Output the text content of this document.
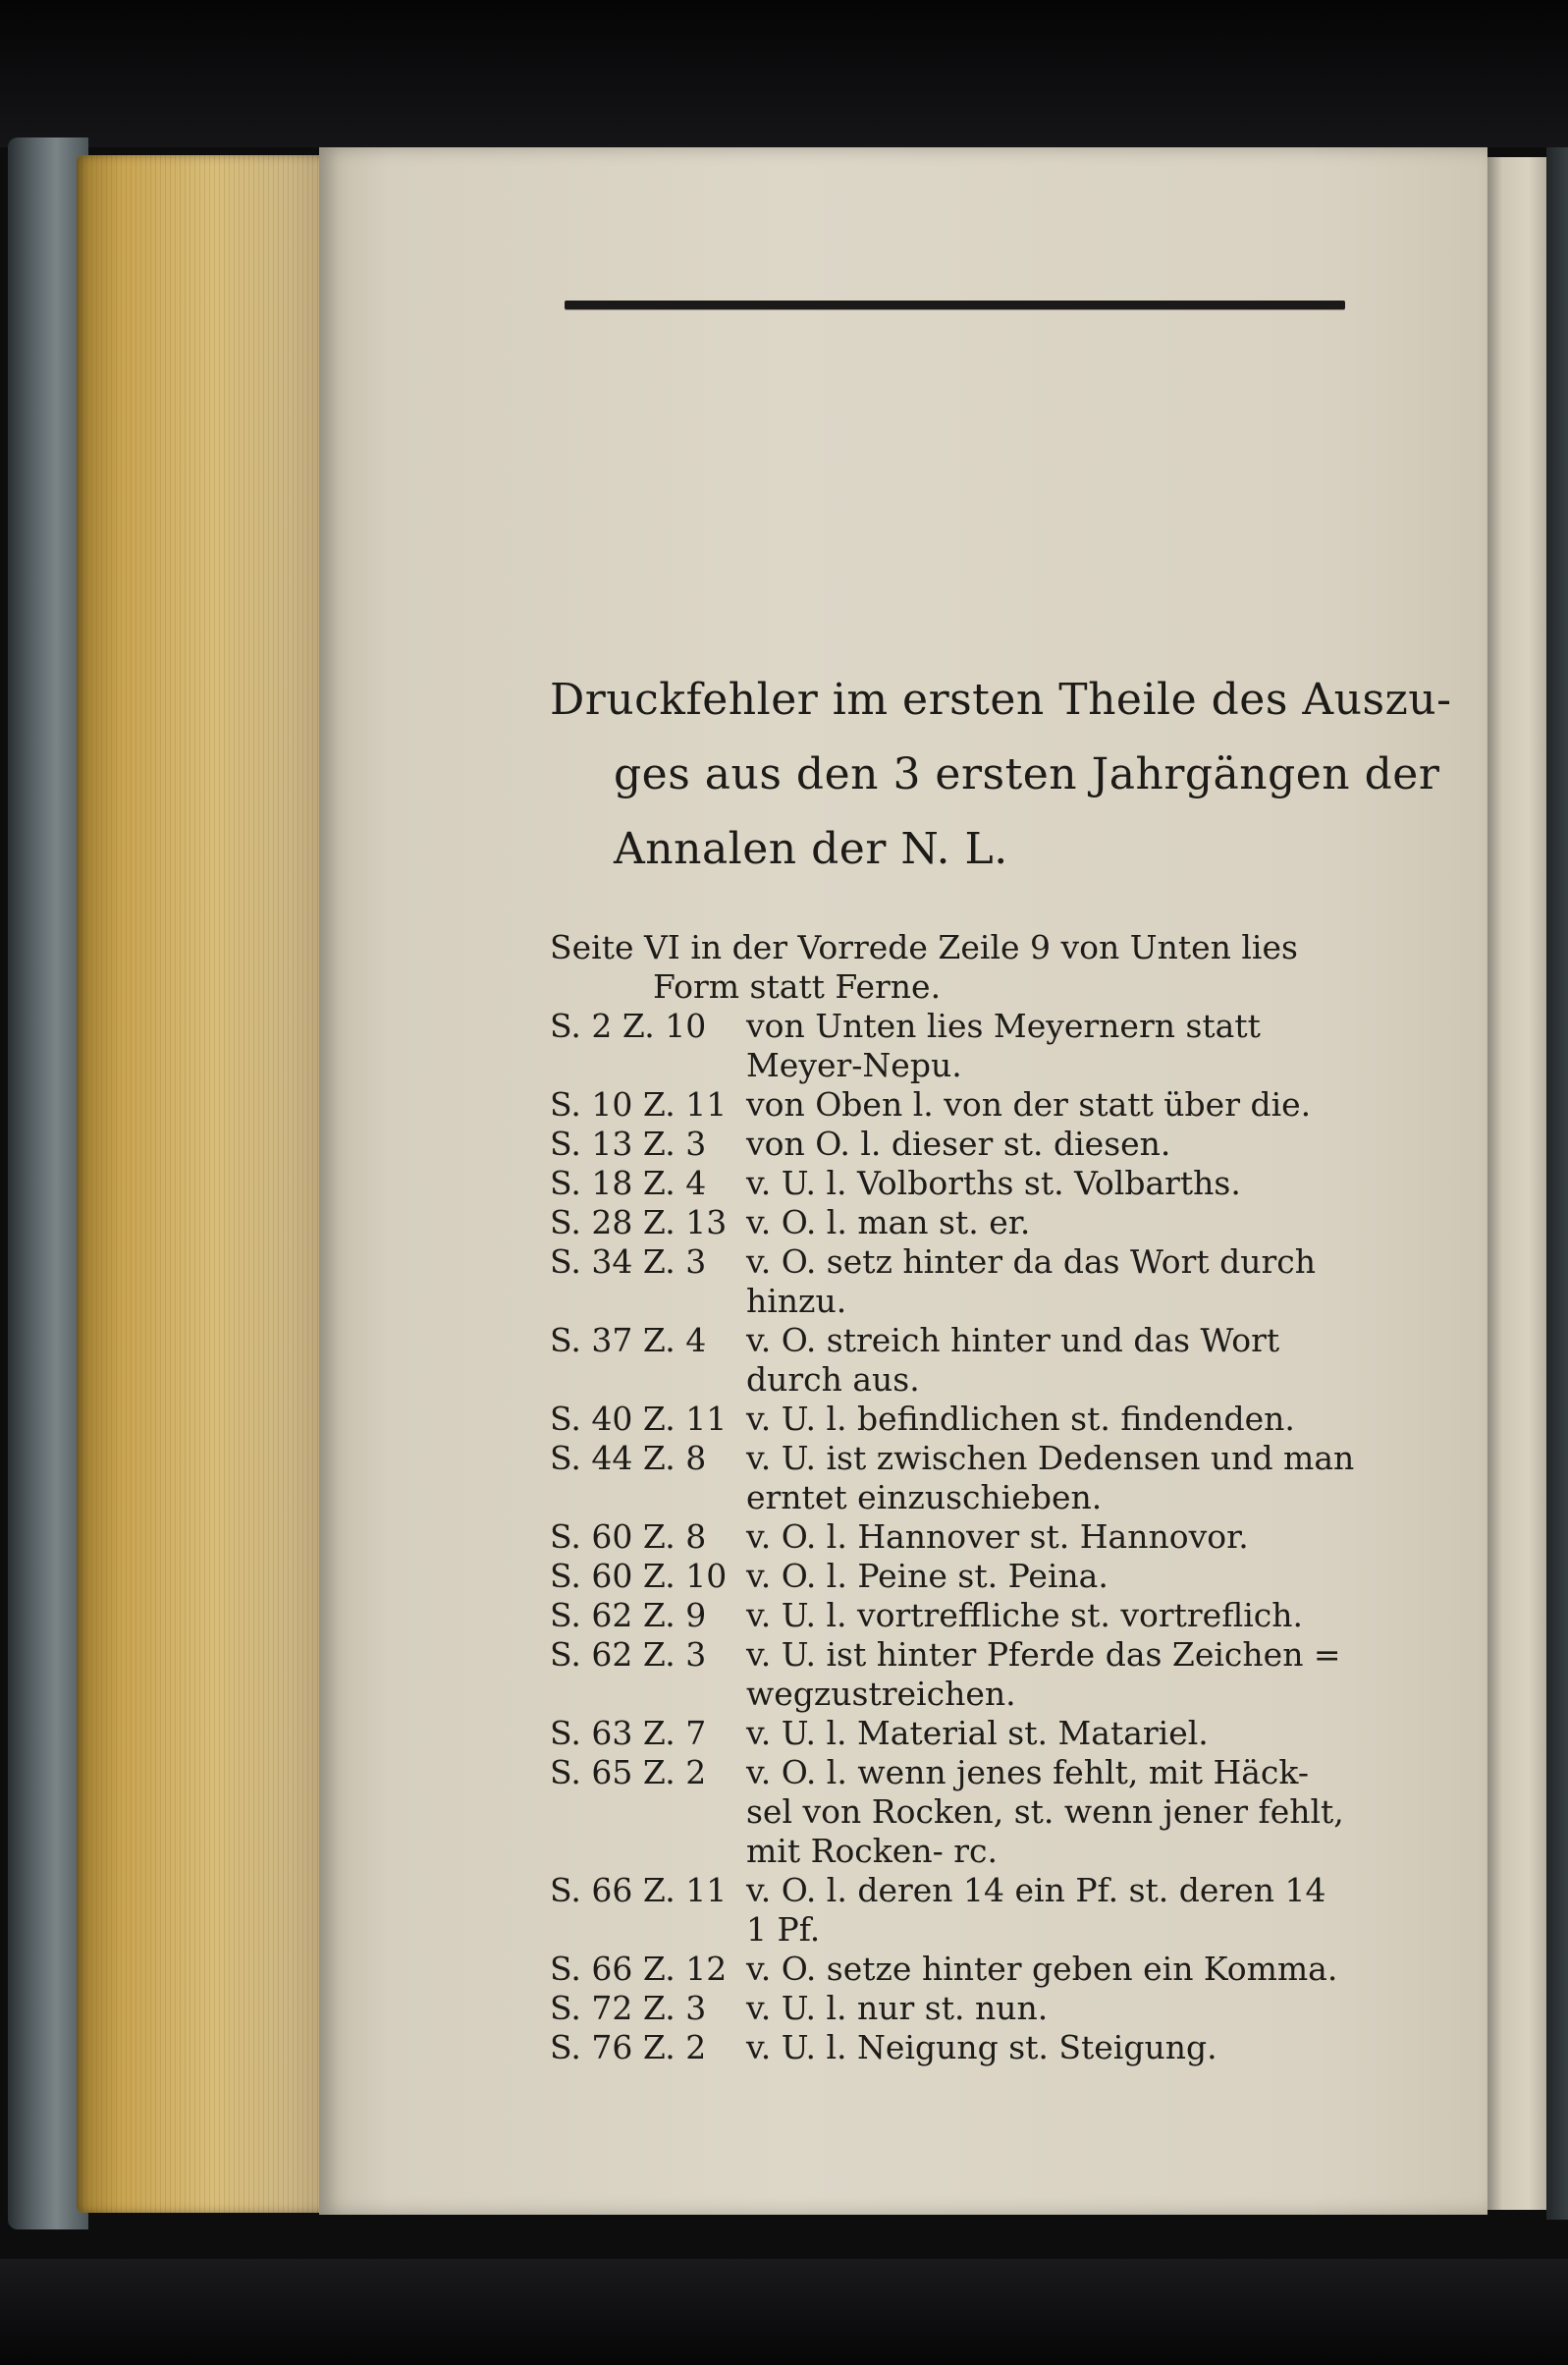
Druckfehler im ersten Theile des Auszu-
ges aus den 3 ersten Jahrgängen der
Annalen der N. L.
Seite VI in der Vorrede Zeile 9 von Unten lies
Form statt Ferne.
S. 2 Z. 10 von Unten lies Meyernern statt
Meyer-Nepu.
S. 10 Z. 11 von Oben l. von der statt über die.
S. 13 Z. 3 von O. l. dieser st. diesen.
S. 18 Z. 4 v. U. l. Volborths st. Volbarths.
S. 28 Z. 13 v. O. l. man st. er.
S. 34 Z. 3 v. O. setz hinter da das Wort durch
hinzu.
S. 37 Z. 4 v. O. streich hinter und das Wort
durch aus.
S. 40 Z. 11 v. U. l. befindlichen st. findenden.
S. 44 Z. 8 v. U. ist zwischen Dedensen und man
erntet einzuschieben.
S. 60 Z. 8 v. O. l. Hannover st. Hannovor.
S. 60 Z. 10 v. O. l. Peine st. Peina.
S. 62 Z. 9 v. U. l. vortreffliche st. vortreflich.
S. 62 Z. 3 v. U. ist hinter Pferde das Zeichen =
wegzustreichen.
S. 63 Z. 7 v. U. l. Material st. Matariel.
S. 65 Z. 2 v. O. l. wenn jenes fehlt, mit Häck-
sel von Rocken, st. wenn jener fehlt,
mit Rocken- rc.
S. 66 Z. 11 v. O. l. deren 14 ein Pf. st. deren 14
1 Pf.
S. 66 Z. 12 v. O. setze hinter geben ein Komma.
S. 72 Z. 3 v. U. l. nur st. nun.
S. 76 Z. 2 v. U. l. Neigung st. Steigung.
